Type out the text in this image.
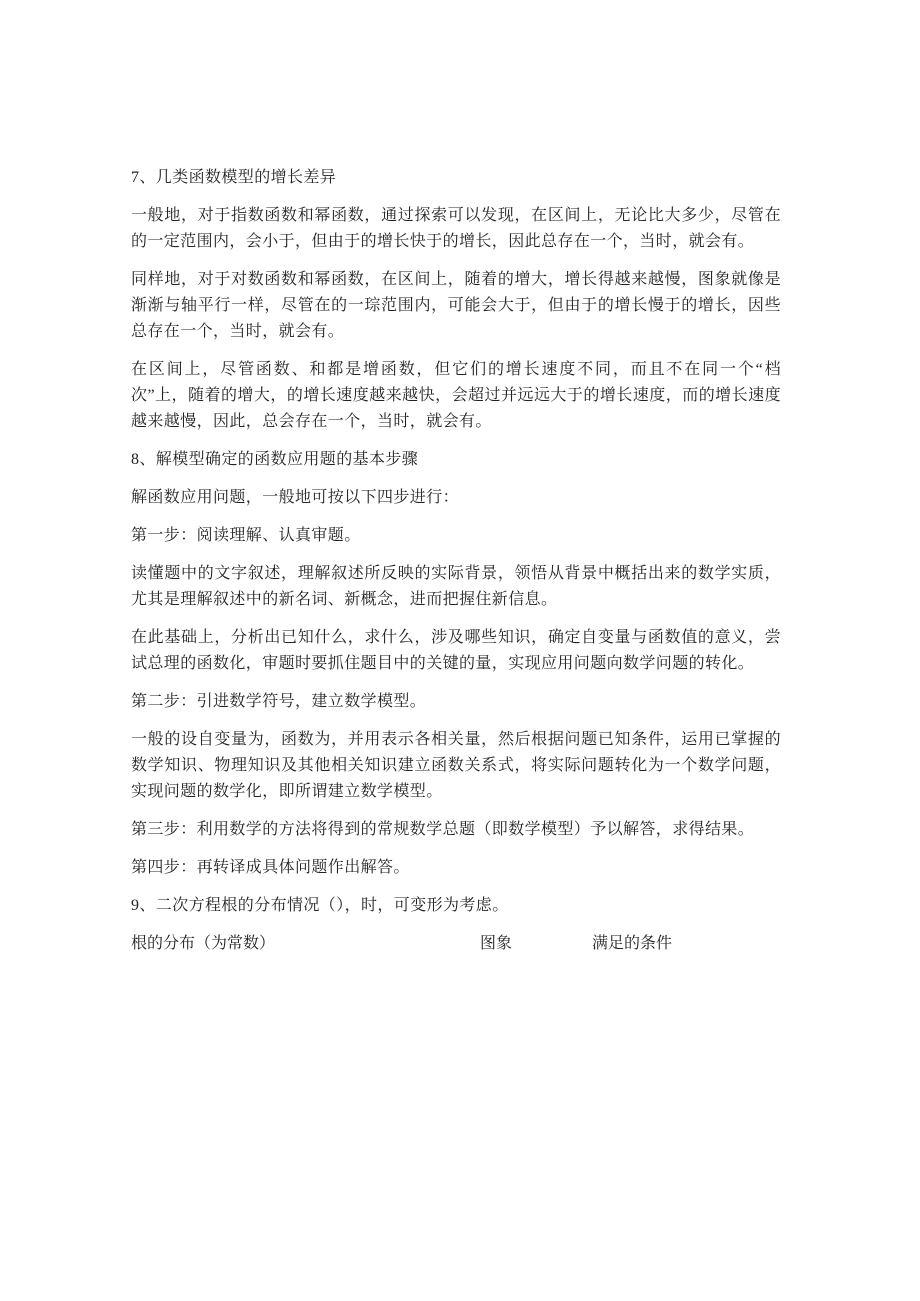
7、几类函数模型的增长差异

一般地，对于指数函数和幂函数，通过探索可以发现，在区间上，无论比大多少，尽管在的一定范围内，会小于，但由于的增长快于的增长，因此总存在一个，当时，就会有。

同样地，对于对数函数和幂函数，在区间上，随着的增大，增长得越来越慢，图象就像是渐渐与轴平行一样，尽管在的一琮范围内，可能会大于，但由于的增长慢于的增长，因些总存在一个，当时，就会有。

在区间上，尽管函数、和都是增函数，但它们的增长速度不同，而且不在同一个“档次”上，随着的增大，的增长速度越来越快，会超过并远远大于的增长速度，而的增长速度越来越慢，因此，总会存在一个，当时，就会有。

8、解模型确定的函数应用题的基本步骤

解函数应用问题，一般地可按以下四步进行：

第一步：阅读理解、认真审题。

读懂题中的文字叙述，理解叙述所反映的实际背景，领悟从背景中概括出来的数学实质，尤其是理解叙述中的新名词、新概念，进而把握住新信息。

在此基础上，分析出已知什么，求什么，涉及哪些知识，确定自变量与函数值的意义，尝试总理的函数化，审题时要抓住题目中的关键的量，实现应用问题向数学问题的转化。

第二步：引进数学符号，建立数学模型。

一般的设自变量为，函数为，并用表示各相关量，然后根据问题已知条件，运用已掌握的数学知识、物理知识及其他相关知识建立函数关系式，将实际问题转化为一个数学问题，实现问题的数学化，即所谓建立数学模型。

第三步：利用数学的方法将得到的常规数学总题（即数学模型）予以解答，求得结果。

第四步：再转译成具体问题作出解答。

9、二次方程根的分布情况（），时，可变形为考虑。

根的分布（为常数）	图象	满足的条件
